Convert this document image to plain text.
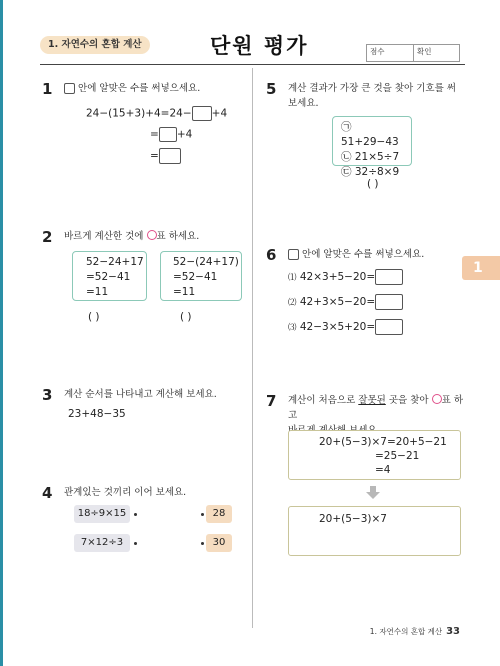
1. 자연수의 혼합 계산	단원 평가	점수	확인
1	안에 알맞은 수를 써넣으세요.
24−(15+3)+4=24− +4
= +4
=
2 바르게 계산한 것에 ○표 하세요.
52−24+17
=52−41
=11
52−(24+17)
=52−41
=11
( )	( )
3 계산 순서를 나타내고 계산해 보세요.
23+48−35
4 관계있는 것끼리 이어 보세요.
18÷9×15
7×12÷3
28
30
5 계산 결과가 가장 큰 것을 찾아 기호를 써 보세요.
㉠ 51+29−43
㉡ 21×5÷7
㉢ 32÷8×9
( )
1
6	안에 알맞은 수를 써넣으세요.
⑴ 42×3+5−20=
⑵ 42+3×5−20=
⑶ 42−3×5+20=
7 계산이 처음으로 잘못된 곳을 찾아 ○표 하고
20+(5−3)×7=20+5−21
=25−21
=4
20+(5−3)×7
1. 자연수의 혼합 계산 33
